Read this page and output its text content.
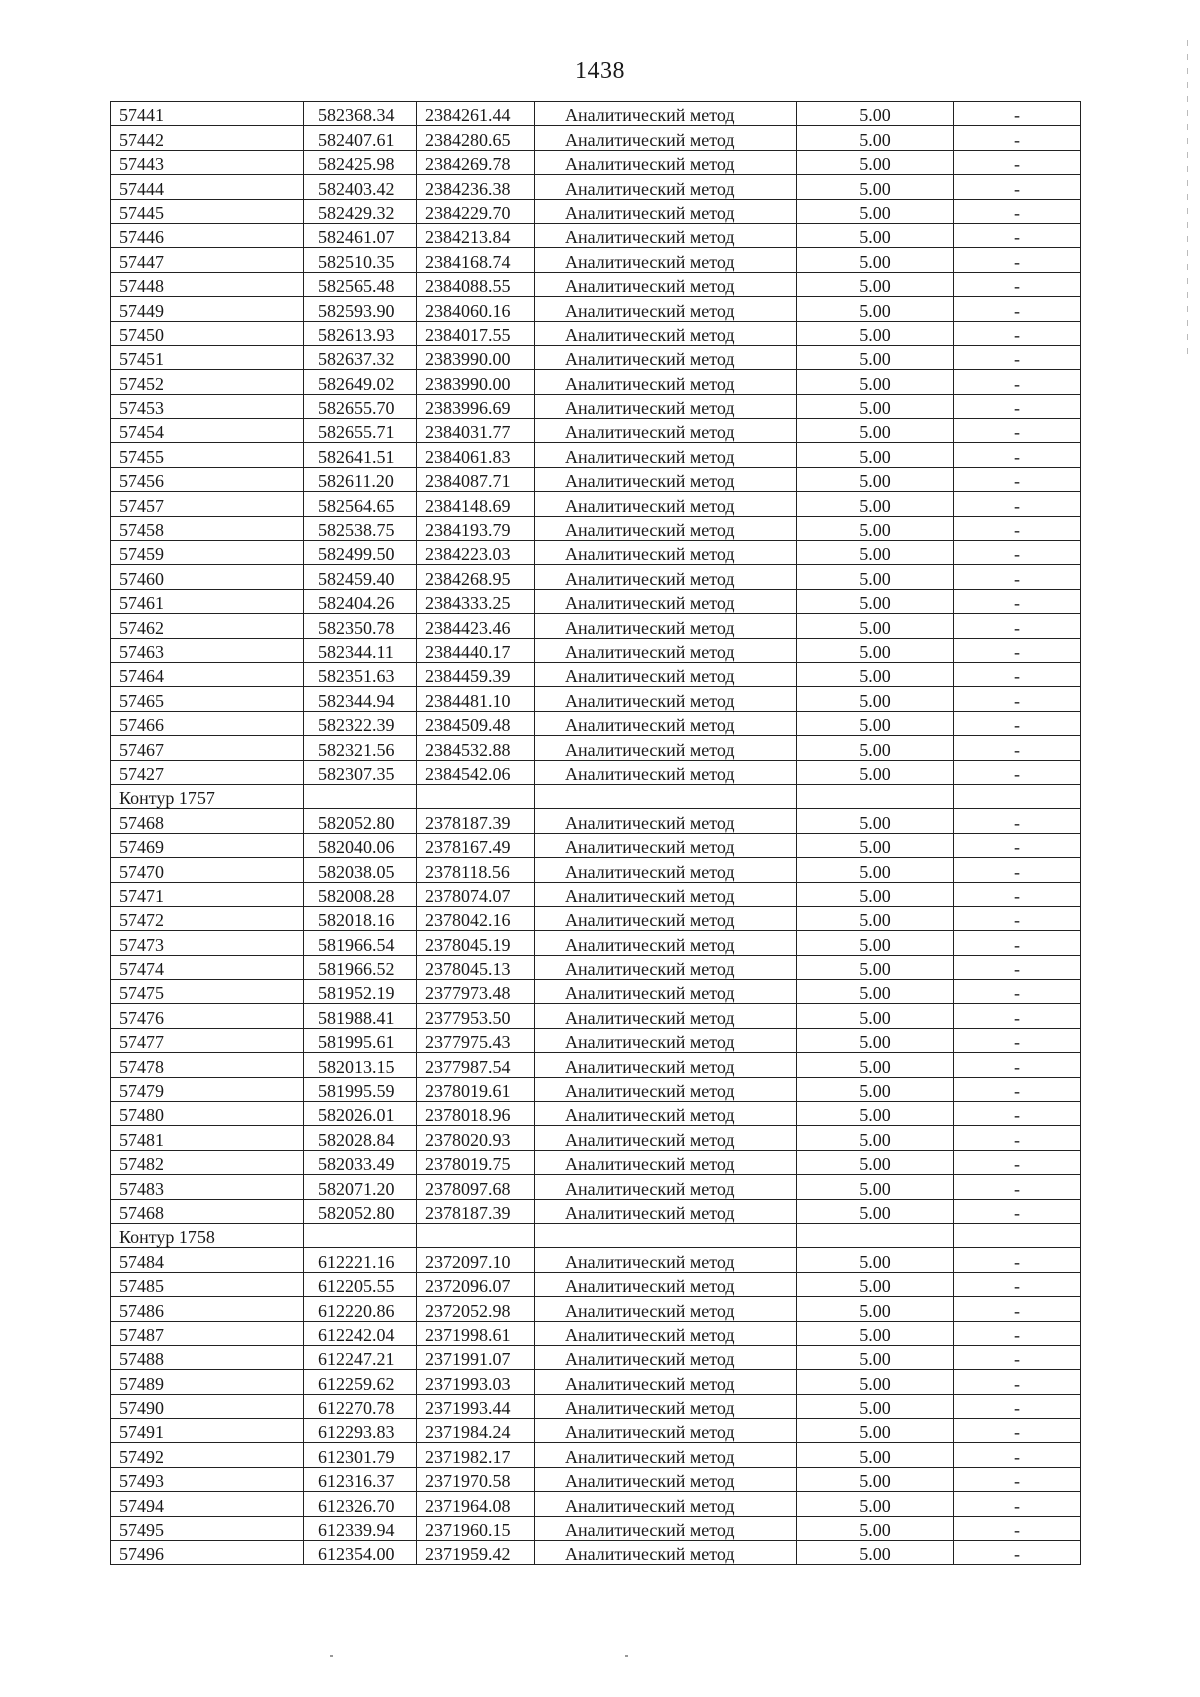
1438
57441	582368.34	2384261.44	Аналитический метод	5.00	-
57442	582407.61	2384280.65	Аналитический метод	5.00	-
57443	582425.98	2384269.78	Аналитический метод	5.00	-
57444	582403.42	2384236.38	Аналитический метод	5.00	-
57445	582429.32	2384229.70	Аналитический метод	5.00	-
57446	582461.07	2384213.84	Аналитический метод	5.00	-
57447	582510.35	2384168.74	Аналитический метод	5.00	-
57448	582565.48	2384088.55	Аналитический метод	5.00	-
57449	582593.90	2384060.16	Аналитический метод	5.00	-
57450	582613.93	2384017.55	Аналитический метод	5.00	-
57451	582637.32	2383990.00	Аналитический метод	5.00	-
57452	582649.02	2383990.00	Аналитический метод	5.00	-
57453	582655.70	2383996.69	Аналитический метод	5.00	-
57454	582655.71	2384031.77	Аналитический метод	5.00	-
57455	582641.51	2384061.83	Аналитический метод	5.00	-
57456	582611.20	2384087.71	Аналитический метод	5.00	-
57457	582564.65	2384148.69	Аналитический метод	5.00	-
57458	582538.75	2384193.79	Аналитический метод	5.00	-
57459	582499.50	2384223.03	Аналитический метод	5.00	-
57460	582459.40	2384268.95	Аналитический метод	5.00	-
57461	582404.26	2384333.25	Аналитический метод	5.00	-
57462	582350.78	2384423.46	Аналитический метод	5.00	-
57463	582344.11	2384440.17	Аналитический метод	5.00	-
57464	582351.63	2384459.39	Аналитический метод	5.00	-
57465	582344.94	2384481.10	Аналитический метод	5.00	-
57466	582322.39	2384509.48	Аналитический метод	5.00	-
57467	582321.56	2384532.88	Аналитический метод	5.00	-
57427	582307.35	2384542.06	Аналитический метод	5.00	-
Контур 1757					
57468	582052.80	2378187.39	Аналитический метод	5.00	-
57469	582040.06	2378167.49	Аналитический метод	5.00	-
57470	582038.05	2378118.56	Аналитический метод	5.00	-
57471	582008.28	2378074.07	Аналитический метод	5.00	-
57472	582018.16	2378042.16	Аналитический метод	5.00	-
57473	581966.54	2378045.19	Аналитический метод	5.00	-
57474	581966.52	2378045.13	Аналитический метод	5.00	-
57475	581952.19	2377973.48	Аналитический метод	5.00	-
57476	581988.41	2377953.50	Аналитический метод	5.00	-
57477	581995.61	2377975.43	Аналитический метод	5.00	-
57478	582013.15	2377987.54	Аналитический метод	5.00	-
57479	581995.59	2378019.61	Аналитический метод	5.00	-
57480	582026.01	2378018.96	Аналитический метод	5.00	-
57481	582028.84	2378020.93	Аналитический метод	5.00	-
57482	582033.49	2378019.75	Аналитический метод	5.00	-
57483	582071.20	2378097.68	Аналитический метод	5.00	-
57468	582052.80	2378187.39	Аналитический метод	5.00	-
Контур 1758					
57484	612221.16	2372097.10	Аналитический метод	5.00	-
57485	612205.55	2372096.07	Аналитический метод	5.00	-
57486	612220.86	2372052.98	Аналитический метод	5.00	-
57487	612242.04	2371998.61	Аналитический метод	5.00	-
57488	612247.21	2371991.07	Аналитический метод	5.00	-
57489	612259.62	2371993.03	Аналитический метод	5.00	-
57490	612270.78	2371993.44	Аналитический метод	5.00	-
57491	612293.83	2371984.24	Аналитический метод	5.00	-
57492	612301.79	2371982.17	Аналитический метод	5.00	-
57493	612316.37	2371970.58	Аналитический метод	5.00	-
57494	612326.70	2371964.08	Аналитический метод	5.00	-
57495	612339.94	2371960.15	Аналитический метод	5.00	-
57496	612354.00	2371959.42	Аналитический метод	5.00	-
